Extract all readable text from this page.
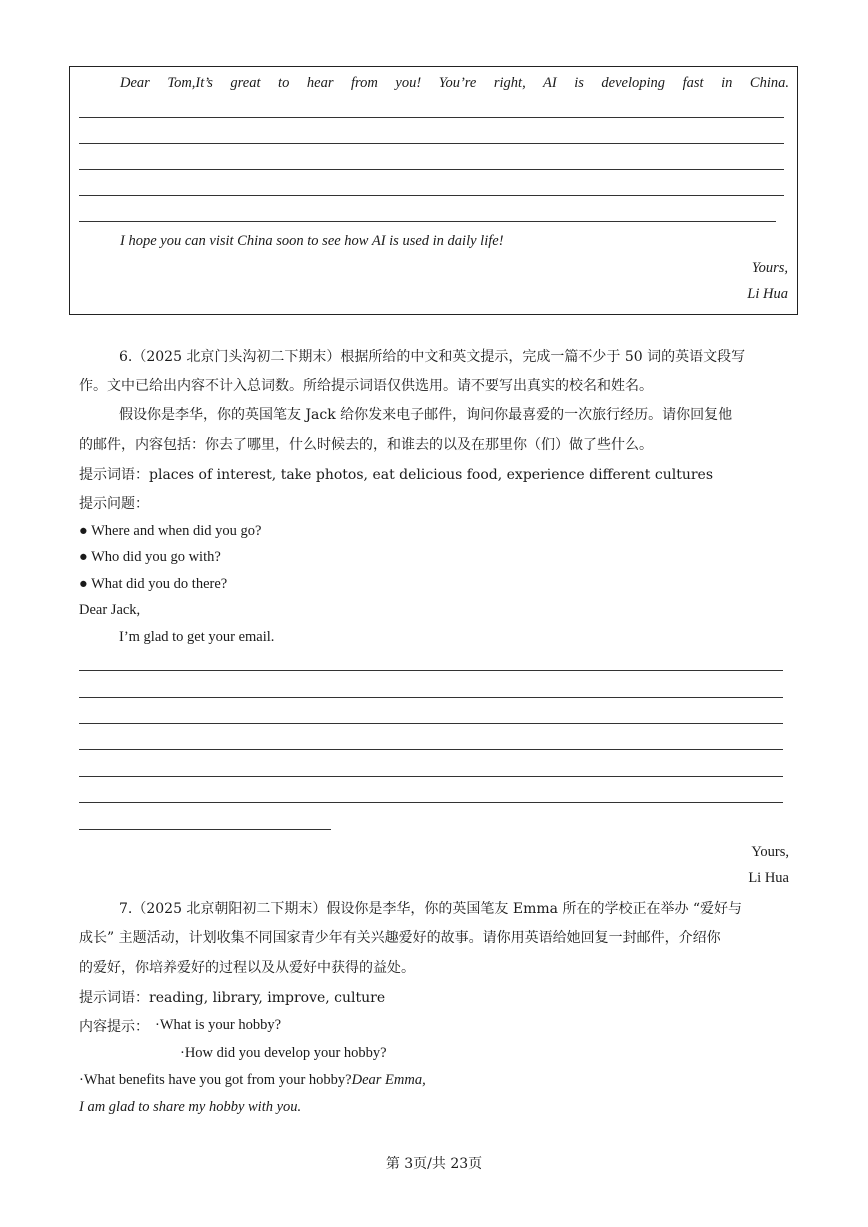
Dear Tom,It’s great to hear from you! You’re right, AI is developing fast in China.
I hope you can visit China soon to see how AI is used in daily life!
Yours,
Li Hua
6.（2025 北京门头沟初二下期末）根据所给的中文和英文提示，完成一篇不少于 50 词的英语文段写
作。文中已给出内容不计入总词数。所给提示词语仅供选用。请不要写出真实的校名和姓名。
假设你是李华，你的英国笔友 Jack 给你发来电子邮件，询问你最喜爱的一次旅行经历。请你回复他
的邮件，内容包括：你去了哪里，什么时候去的，和谁去的以及在那里你（们）做了些什么。
提示词语：places of interest, take photos, eat delicious food, experience different cultures
提示问题：
● Where and when did you go?
● Who did you go with?
● What did you do there?
Dear Jack,
I’m glad to get your email.
Yours,
Li Hua
7.（2025 北京朝阳初二下期末）假设你是李华，你的英国笔友 Emma 所在的学校正在举办 “爱好与
成长” 主题活动，计划收集不同国家青少年有关兴趣爱好的故事。请你用英语给她回复一封邮件，介绍你
的爱好，你培养爱好的过程以及从爱好中获得的益处。
提示词语：reading, library, improve, culture
内容提示： ·What is your hobby?
·How did you develop your hobby?
·What benefits have you got from your hobby?Dear Emma,
I am glad to share my hobby with you.
第 3页/共 23页
